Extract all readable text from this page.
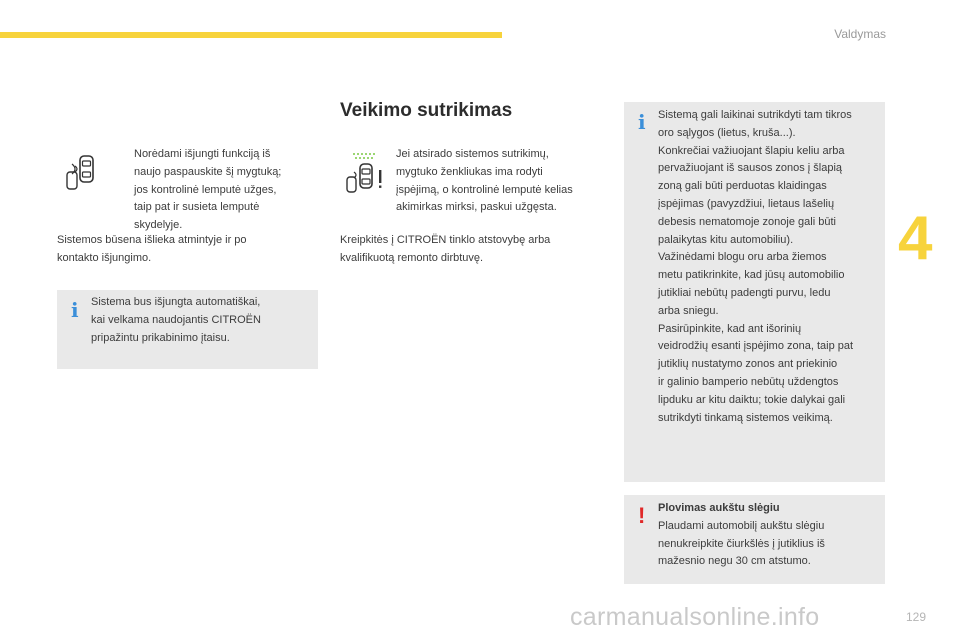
Valdymas
4
Norėdami išjungti funkciją iš
naujo paspauskite šį mygtuką;
jos kontrolinė lemputė užges,
taip pat ir susieta lemputė
skydelyje.
Sistemos būsena išlieka atmintyje ir po
kontakto išjungimo.
i Sistema bus išjungta automatiškai,
kai velkama naudojantis CITROËN
pripažintu prikabinimo įtaisu.
Veikimo sutrikimas
Jei atsirado sistemos sutrikimų,
mygtuko ženkliukas ima rodyti
įspėjimą, o kontrolinė lemputė kelias
akimirkas mirksi, paskui užgęsta.
Kreipkitės į CITROËN tinklo atstovybę arba
kvalifikuotą remonto dirbtuvę.
i Sistemą gali laikinai sutrikdyti tam tikros
oro sąlygos (lietus, kruša...).
Konkrečiai važiuojant šlapiu keliu arba
pervažiuojant iš sausos zonos į šlapią
zoną gali būti perduotas klaidingas
įspėjimas (pavyzdžiui, lietaus lašelių
debesis nematomoje zonoje gali būti
palaikytas kitu automobiliu).
Važinėdami blogu oru arba žiemos
metu patikrinkite, kad jūsų automobilio
jutikliai nebūtų padengti purvu, ledu
arba sniegu.
Pasirūpinkite, kad ant išorinių
veidrodžių esanti įspėjimo zona, taip pat
jutiklių nustatymo zonos ant priekinio
ir galinio bamperio nebūtų uždengtos
lipduku ar kitu daiktu; tokie dalykai gali
sutrikdyti tinkamą sistemos veikimą.
! Plovimas aukštu slėgiu
Plaudami automobilį aukštu slėgiu
nenukreipkite čiurkšlės į jutiklius iš
mažesnio negu 30 cm atstumo.
carmanualsonline.info	129
